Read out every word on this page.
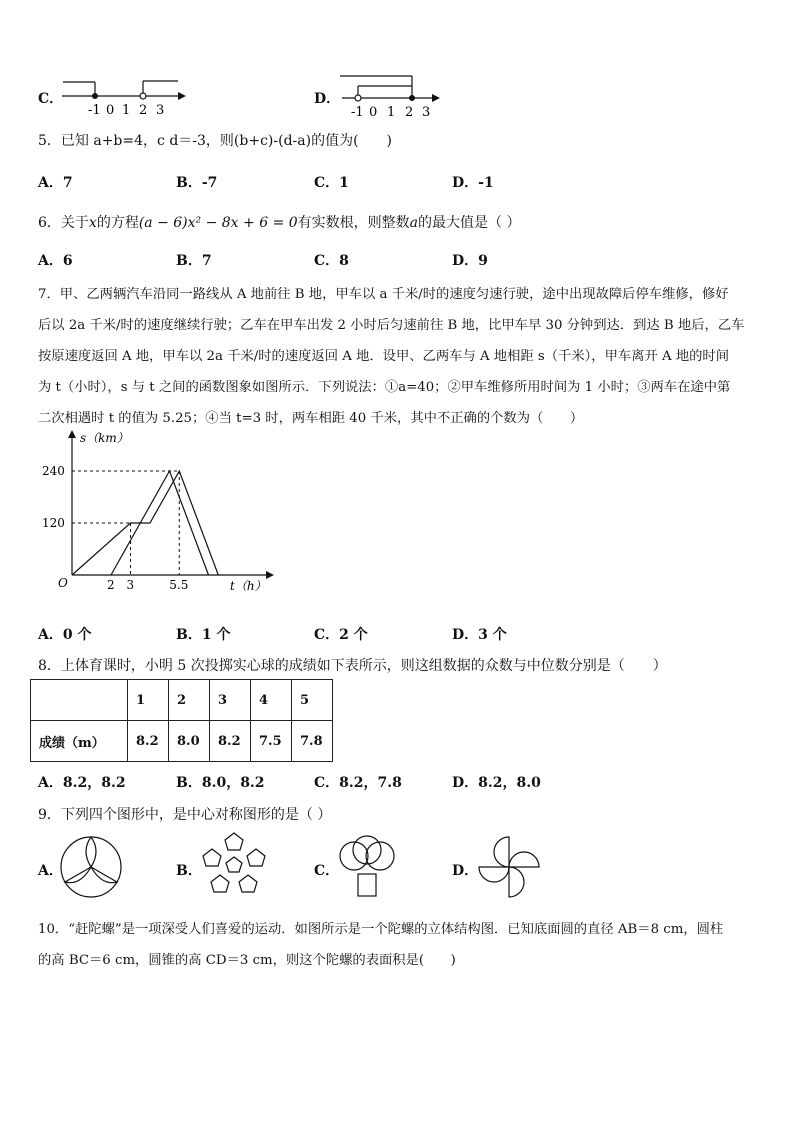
C．
-1 0 1 2 3
D．
-1 0 1 2 3
5．已知 a+b=4，c d＝-3，则(b+c)-(d-a)的值为(　　)
A．7	B．-7	C．1	D．-1
6．关于x的方程(a − 6)x² − 8x + 6 = 0有实数根，则整数a的最大值是（ ）
A．6	B．7	C．8	D．9
7．甲、乙两辆汽车沿同一路线从 A 地前往 B 地，甲车以 a 千米/时的速度匀速行驶，途中出现故障后停车维修，修好
后以 2a 千米/时的速度继续行驶；乙车在甲车出发 2 小时后匀速前往 B 地，比甲车早 30 分钟到达．到达 B 地后，乙车
按原速度返回 A 地，甲车以 2a 千米/时的速度返回 A 地．设甲、乙两车与 A 地相距 s（千米），甲车离开 A 地的时间
为 t（小时），s 与 t 之间的函数图象如图所示．下列说法：①a=40；②甲车维修所用时间为 1 小时；③两车在途中第
二次相遇时 t 的值为 5.25；④当 t=3 时，两车相距 40 千米，其中不正确的个数为（　　）
s（km）
t（h）
O
120
240
2 3	5.5
A．0 个	B．1 个	C．2 个	D．3 个
8．上体育课时，小明 5 次投掷实心球的成绩如下表所示，则这组数据的众数与中位数分别是（　　）
	1	2	3	4	5
成绩（m）	8.2	8.0	8.2	7.5	7.8
A．8.2，8.2	B．8.0，8.2	C．8.2，7.8	D．8.2，8.0
9．下列四个图形中，是中心对称图形的是（ ）
A．	B．	C．	D．
10．“赶陀螺”是一项深受人们喜爱的运动．如图所示是一个陀螺的立体结构图．已知底面圆的直径 AB＝8 cm，圆柱
的高 BC＝6 cm，圆锥的高 CD＝3 cm，则这个陀螺的表面积是(　　)
